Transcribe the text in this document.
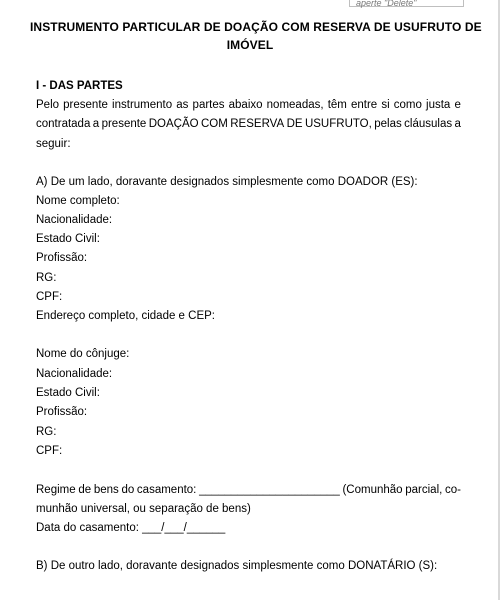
aperte "Delete"
INSTRUMENTO PARTICULAR DE DOAÇÃO COM RESERVA DE USUFRUTO DE
IMÓVEL
I - DAS PARTES
Pelo presente instrumento as partes abaixo nomeadas, têm entre si como justa e
contratada a presente DOAÇÃO COM RESERVA DE USUFRUTO, pelas cláusulas a
seguir:
A) De um lado, doravante designados simplesmente como DOADOR (ES):
Nome completo:
Nacionalidade:
Estado Civil:
Profissão:
RG:
CPF:
Endereço completo, cidade e CEP:
Nome do cônjuge:
Nacionalidade:
Estado Civil:
Profissão:
RG:
CPF:
Regime de bens do casamento: ______________________ (Comunhão parcial, co-
munhão universal, ou separação de bens)
Data do casamento: ___/___/______
B) De outro lado, doravante designados simplesmente como DONATÁRIO (S):
